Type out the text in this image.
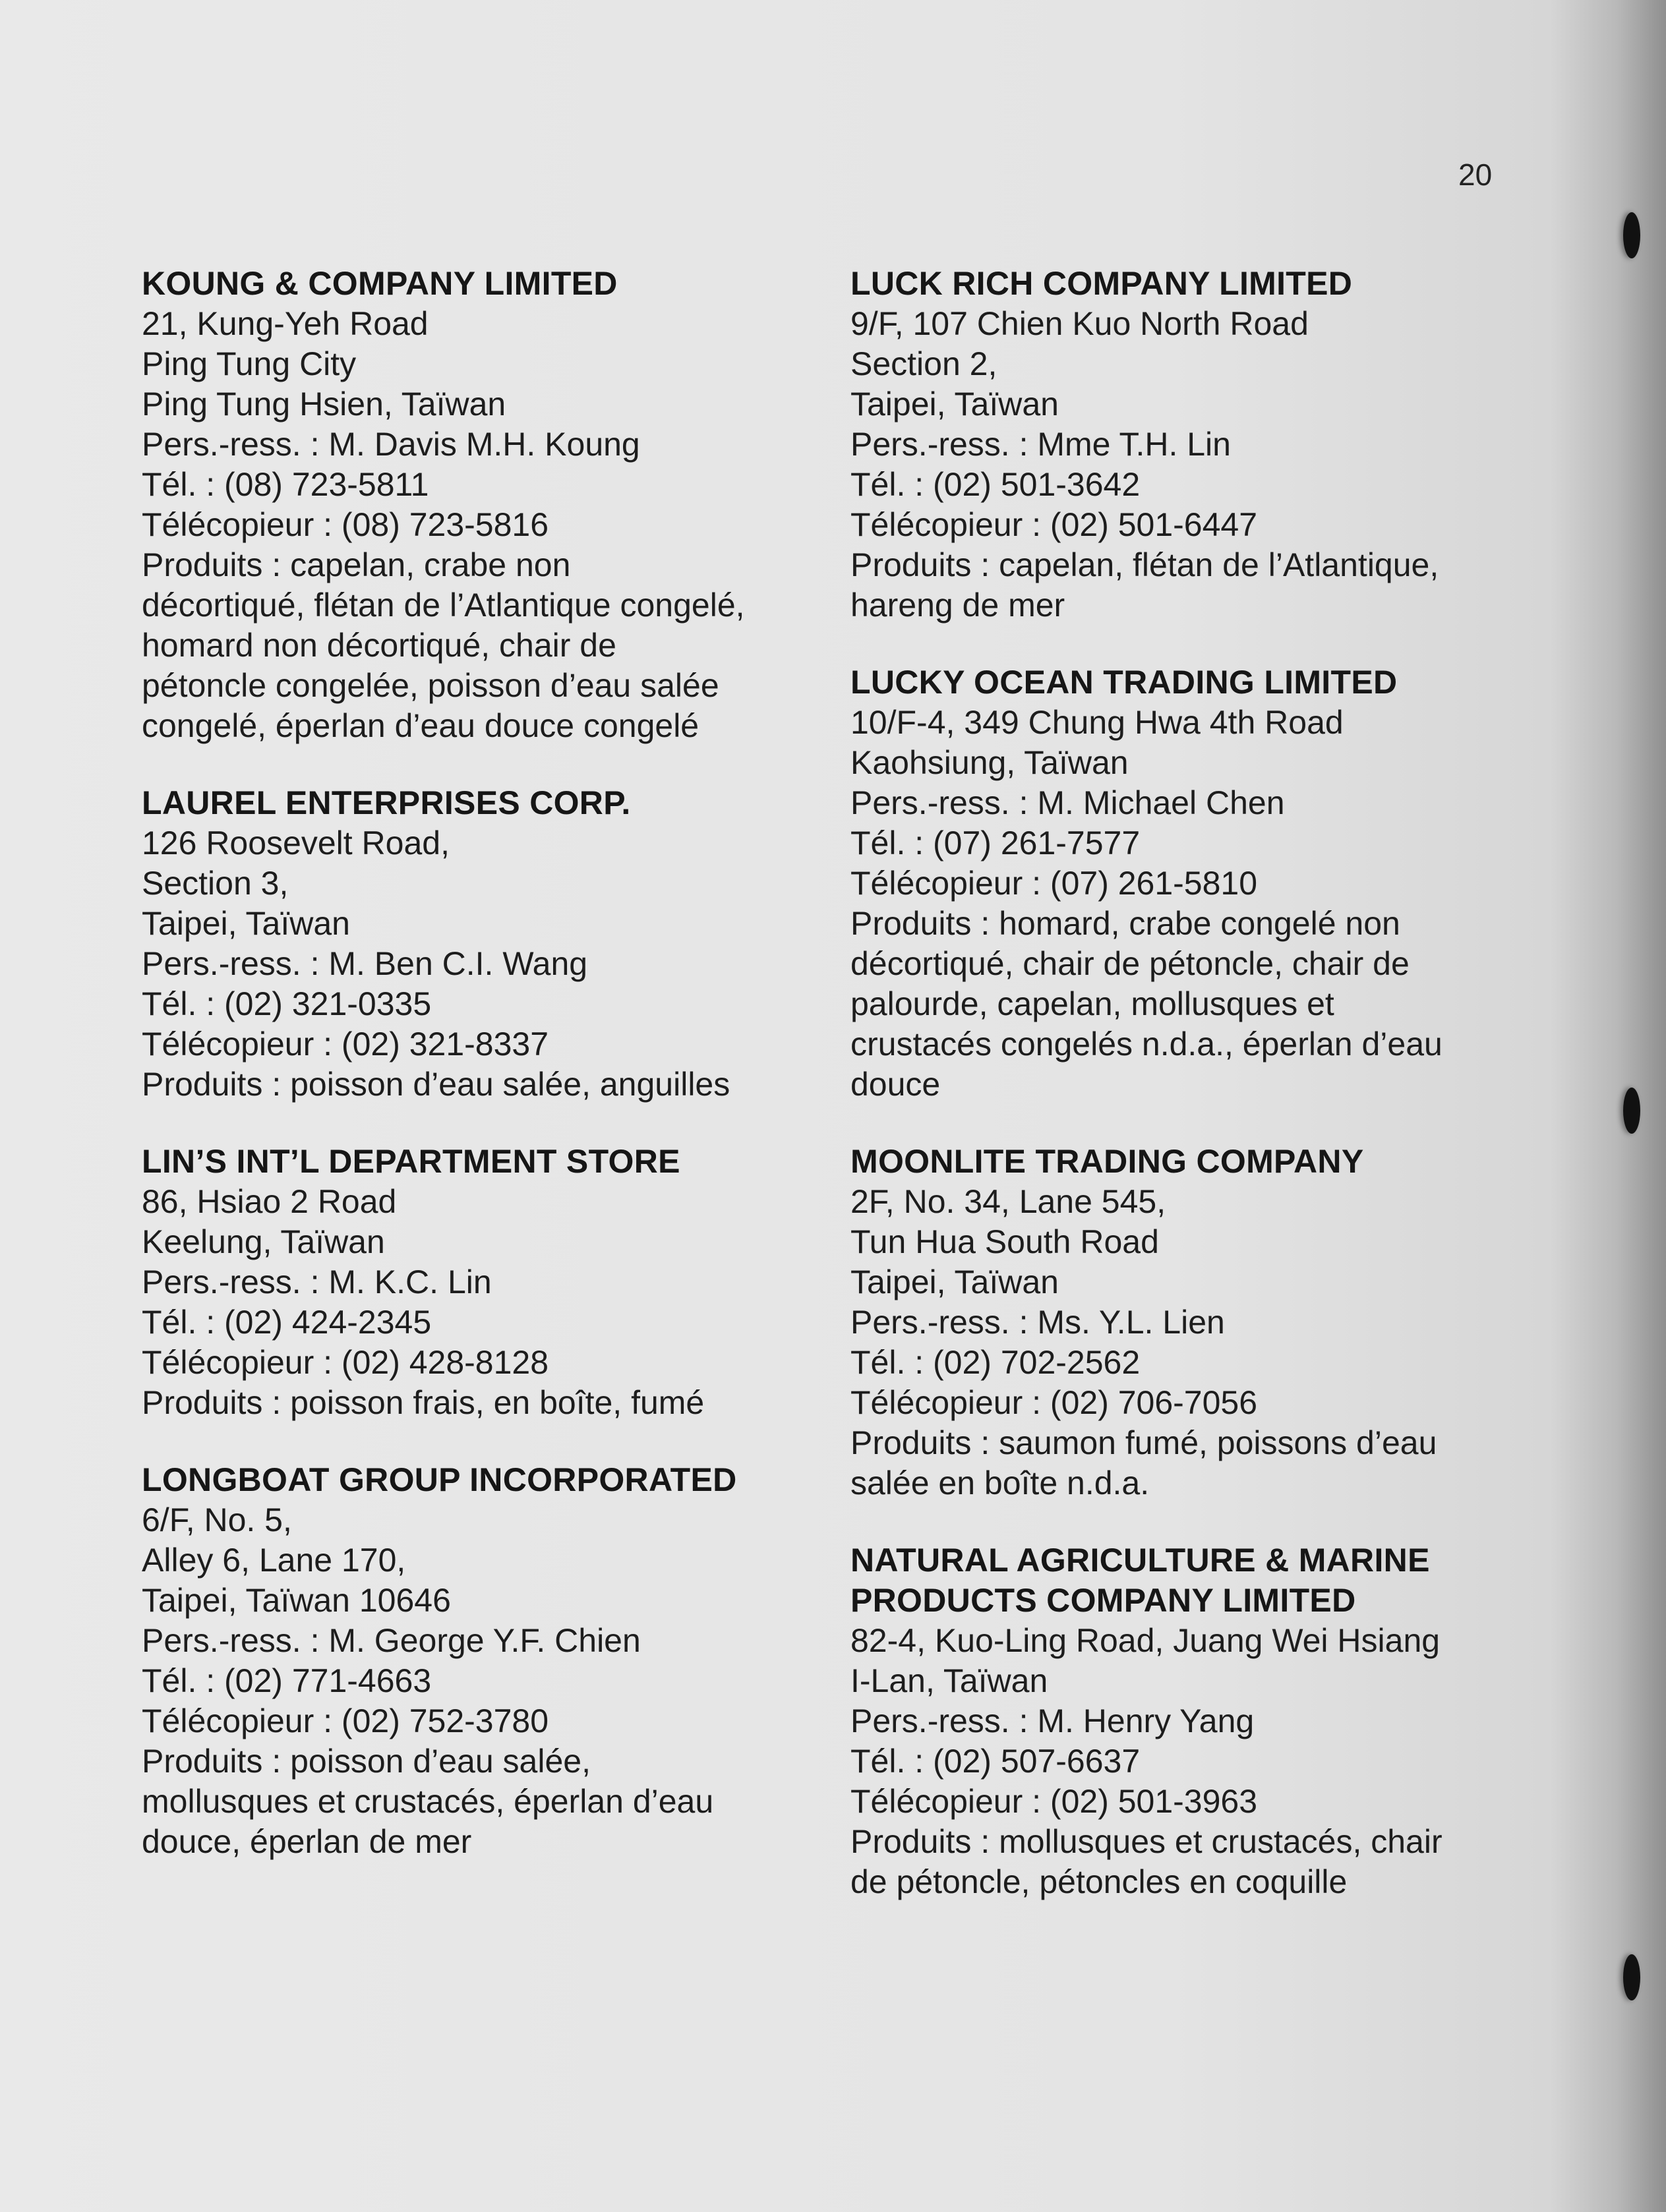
20
KOUNG & COMPANY LIMITED
21, Kung-Yeh Road
Ping Tung City
Ping Tung Hsien, Taïwan
Pers.-ress. : M. Davis M.H. Koung
Tél. : (08) 723-5811
Télécopieur : (08) 723-5816
Produits : capelan, crabe non
décortiqué, flétan de l’Atlantique congelé,
homard non décortiqué, chair de
pétoncle congelée, poisson d’eau salée
congelé, éperlan d’eau douce congelé
LAUREL ENTERPRISES CORP.
126 Roosevelt Road,
Section 3,
Taipei, Taïwan
Pers.-ress. : M. Ben C.I. Wang
Tél. : (02) 321-0335
Télécopieur : (02) 321-8337
Produits : poisson d’eau salée, anguilles
LIN’S INT’L DEPARTMENT STORE
86, Hsiao 2 Road
Keelung, Taïwan
Pers.-ress. : M. K.C. Lin
Tél. : (02) 424-2345
Télécopieur : (02) 428-8128
Produits : poisson frais, en boîte, fumé
LONGBOAT GROUP INCORPORATED
6/F, No. 5,
Alley 6, Lane 170,
Taipei, Taïwan 10646
Pers.-ress. : M. George Y.F. Chien
Tél. : (02) 771-4663
Télécopieur : (02) 752-3780
Produits : poisson d’eau salée,
mollusques et crustacés, éperlan d’eau
douce, éperlan de mer
LUCK RICH COMPANY LIMITED
9/F, 107 Chien Kuo North Road
Section 2,
Taipei, Taïwan
Pers.-ress. : Mme T.H. Lin
Tél. : (02) 501-3642
Télécopieur : (02) 501-6447
Produits : capelan, flétan de l’Atlantique,
hareng de mer
LUCKY OCEAN TRADING LIMITED
10/F-4, 349 Chung Hwa 4th Road
Kaohsiung, Taïwan
Pers.-ress. : M. Michael Chen
Tél. : (07) 261-7577
Télécopieur : (07) 261-5810
Produits : homard, crabe congelé non
décortiqué, chair de pétoncle, chair de
palourde, capelan, mollusques et
crustacés congelés n.d.a., éperlan d’eau
douce
MOONLITE TRADING COMPANY
2F, No. 34, Lane 545,
Tun Hua South Road
Taipei, Taïwan
Pers.-ress. : Ms. Y.L. Lien
Tél. : (02) 702-2562
Télécopieur : (02) 706-7056
Produits : saumon fumé, poissons d’eau
salée en boîte n.d.a.
NATURAL AGRICULTURE & MARINE
PRODUCTS COMPANY LIMITED
82-4, Kuo-Ling Road, Juang Wei Hsiang
I-Lan, Taïwan
Pers.-ress. : M. Henry Yang
Tél. : (02) 507-6637
Télécopieur : (02) 501-3963
Produits : mollusques et crustacés, chair
de pétoncle, pétoncles en coquille
